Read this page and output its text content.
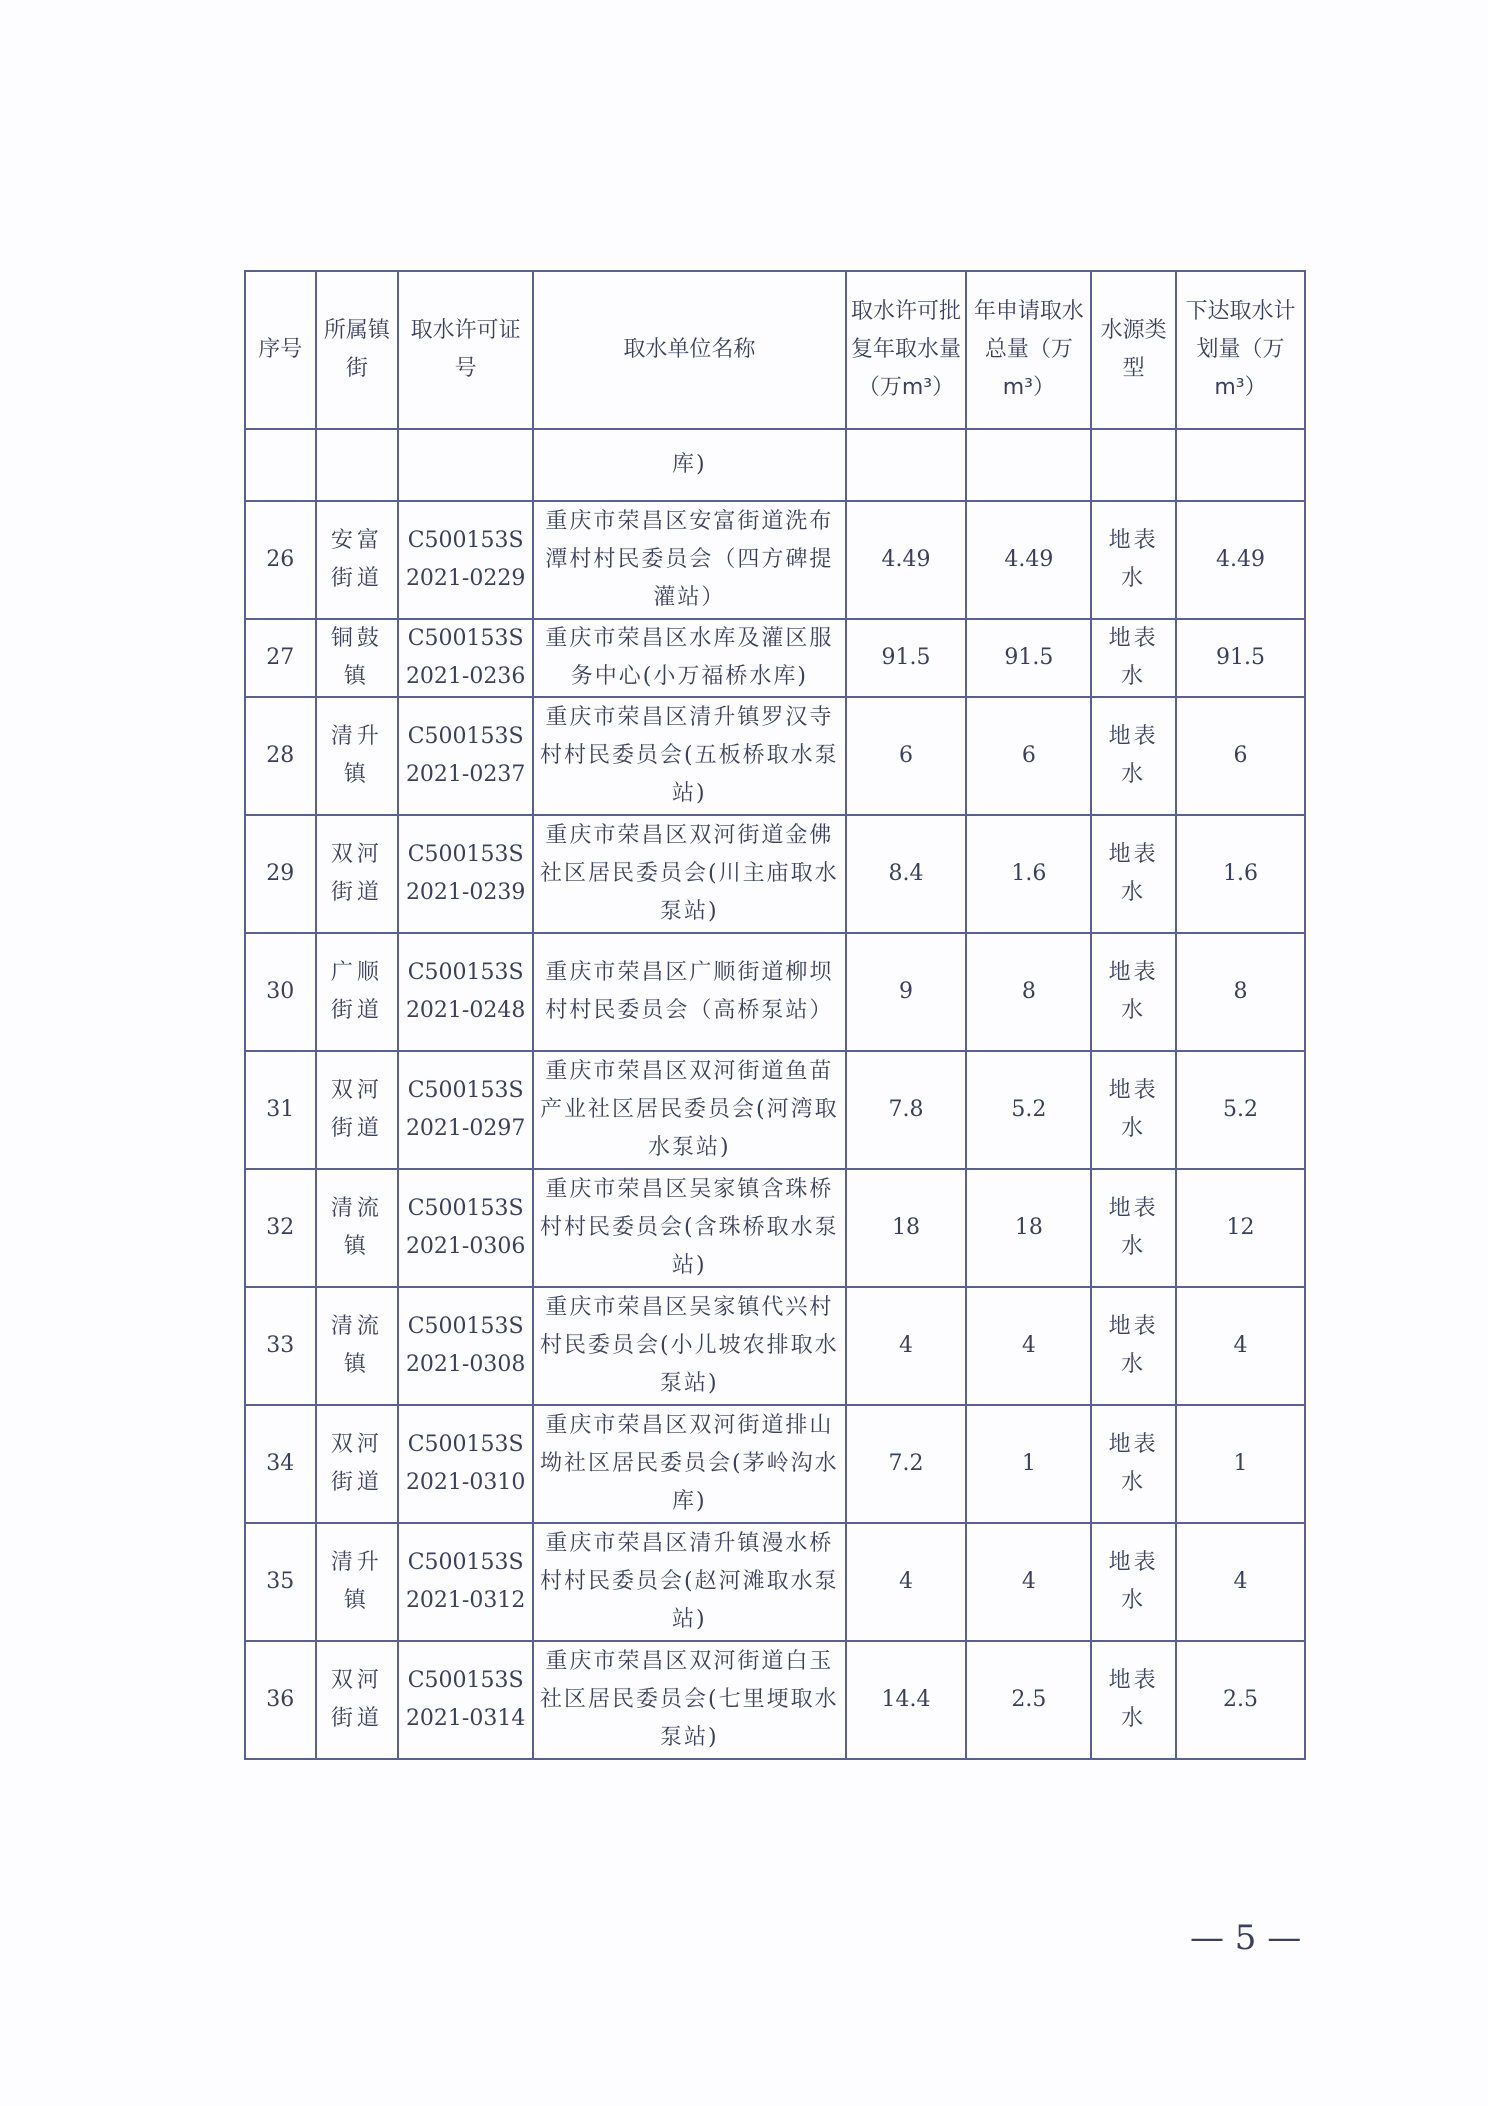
序号	所属镇街	取水许可证号	取水单位名称	取水许可批复年取水量（万m³）	年申请取水总量（万m³）	水源类型	下达取水计划量（万m³）
			库)				
26	安富街道	C500153S 2021-0229	重庆市荣昌区安富街道洗布潭村村民委员会（四方碑提灌站）	4.49	4.49	地表水	4.49
27	铜鼓镇	C500153S 2021-0236	重庆市荣昌区水库及灌区服务中心(小万福桥水库)	91.5	91.5	地表水	91.5
28	清升镇	C500153S 2021-0237	重庆市荣昌区清升镇罗汉寺村村民委员会(五板桥取水泵站)	6	6	地表水	6
29	双河街道	C500153S 2021-0239	重庆市荣昌区双河街道金佛社区居民委员会(川主庙取水泵站)	8.4	1.6	地表水	1.6
30	广顺街道	C500153S 2021-0248	重庆市荣昌区广顺街道柳坝村村民委员会（高桥泵站）	9	8	地表水	8
31	双河街道	C500153S 2021-0297	重庆市荣昌区双河街道鱼苗产业社区居民委员会(河湾取水泵站)	7.8	5.2	地表水	5.2
32	清流镇	C500153S 2021-0306	重庆市荣昌区吴家镇含珠桥村村民委员会(含珠桥取水泵站)	18	18	地表水	12
33	清流镇	C500153S 2021-0308	重庆市荣昌区吴家镇代兴村村民委员会(小儿坡农排取水泵站)	4	4	地表水	4
34	双河街道	C500153S 2021-0310	重庆市荣昌区双河街道排山坳社区居民委员会(茅岭沟水库)	7.2	1	地表水	1
35	清升镇	C500153S 2021-0312	重庆市荣昌区清升镇漫水桥村村民委员会(赵河滩取水泵站)	4	4	地表水	4
36	双河街道	C500153S 2021-0314	重庆市荣昌区双河街道白玉社区居民委员会(七里埂取水泵站)	14.4	2.5	地表水	2.5
— 5 —
